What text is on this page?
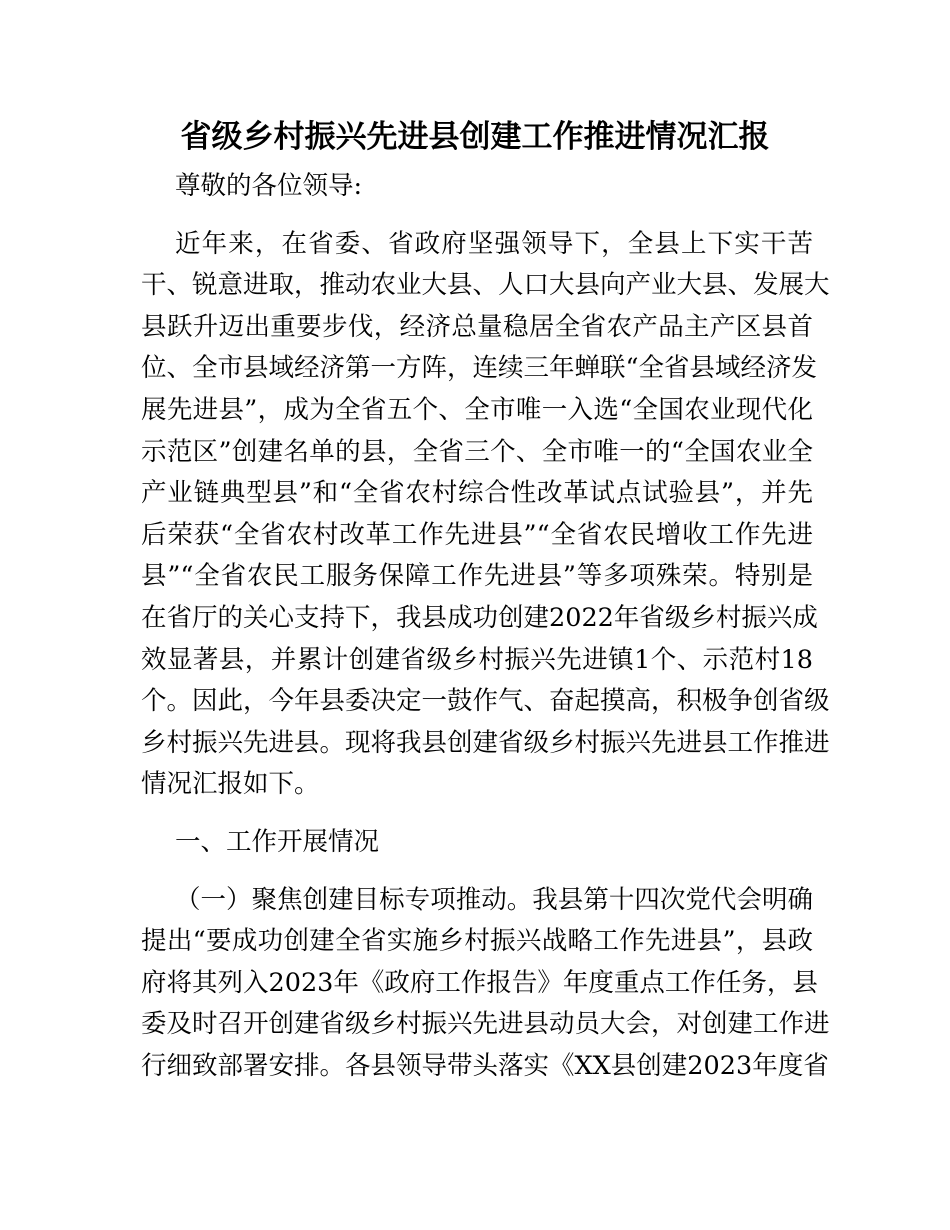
省级乡村振兴先进县创建工作推进情况汇报
尊敬的各位领导:
近年来，在省委、省政府坚强领导下，全县上下实干苦
干、锐意进取，推动农业大县、人口大县向产业大县、发展大
县跃升迈出重要步伐，经济总量稳居全省农产品主产区县首
位、全市县域经济第一方阵，连续三年蝉联“全省县域经济发
展先进县”，成为全省五个、全市唯一入选“全国农业现代化
示范区”创建名单的县，全省三个、全市唯一的“全国农业全
产业链典型县”和“全省农村综合性改革试点试验县”，并先
后荣获“全省农村改革工作先进县”“全省农民增收工作先进
县”“全省农民工服务保障工作先进县”等多项殊荣。特别是
在省厅的关心支持下，我县成功创建2022年省级乡村振兴成
效显著县，并累计创建省级乡村振兴先进镇1个、示范村18
个。因此，今年县委决定一鼓作气、奋起摸高，积极争创省级
乡村振兴先进县。现将我县创建省级乡村振兴先进县工作推进
情况汇报如下。
一、工作开展情况
（一）聚焦创建目标专项推动。我县第十四次党代会明确
提出“要成功创建全省实施乡村振兴战略工作先进县”，县政
府将其列入2023年《政府工作报告》年度重点工作任务，县
委及时召开创建省级乡村振兴先进县动员大会，对创建工作进
行细致部署安排。各县领导带头落实《XX县创建2023年度省
